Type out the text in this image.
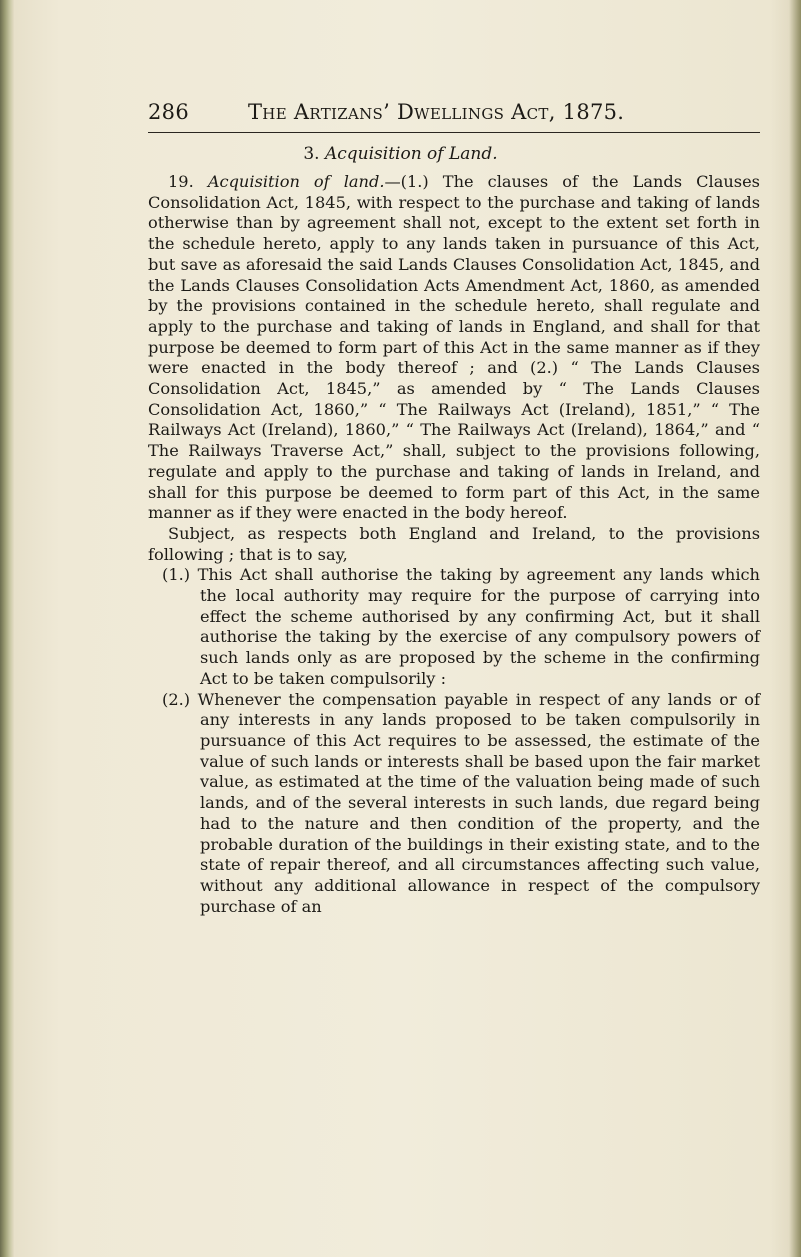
286	The Artizans’ Dwellings Act, 1875.
3. Acquisition of Land.

19. Acquisition of land.—(1.) The clauses of the Lands Clauses Consolidation Act, 1845, with respect to the purchase and taking of lands otherwise than by agreement shall not, except to the extent set forth in the schedule hereto, apply to any lands taken in pursuance of this Act, but save as aforesaid the said Lands Clauses Consolidation Act, 1845, and the Lands Clauses Consolidation Acts Amendment Act, 1860, as amended by the provisions contained in the schedule hereto, shall regulate and apply to the purchase and taking of lands in England, and shall for that purpose be deemed to form part of this Act in the same manner as if they were enacted in the body thereof ; and (2.) “ The Lands Clauses Consolidation Act, 1845,” as amended by “ The Lands Clauses Consolidation Act, 1860,” “ The Railways Act (Ireland), 1851,” “ The Railways Act (Ireland), 1860,” “ The Railways Act (Ireland), 1864,” and “ The Railways Traverse Act,” shall, subject to the provisions following, regulate and apply to the purchase and taking of lands in Ireland, and shall for this purpose be deemed to form part of this Act, in the same manner as if they were enacted in the body hereof.

Subject, as respects both England and Ireland, to the provisions following ; that is to say,

(1.) This Act shall authorise the taking by agreement any lands which the local authority may require for the purpose of carrying into effect the scheme authorised by any confirming Act, but it shall authorise the taking by the exercise of any compulsory powers of such lands only as are proposed by the scheme in the confirming Act to be taken compulsorily :

(2.) Whenever the compensation payable in respect of any lands or of any interests in any lands proposed to be taken compulsorily in pursuance of this Act requires to be assessed, the estimate of the value of such lands or interests shall be based upon the fair market value, as estimated at the time of the valuation being made of such lands, and of the several interests in such lands, due regard being had to the nature and then condition of the property, and the probable duration of the buildings in their existing state, and to the state of repair thereof, and all circumstances affecting such value, without any additional allowance in respect of the compulsory purchase of an
